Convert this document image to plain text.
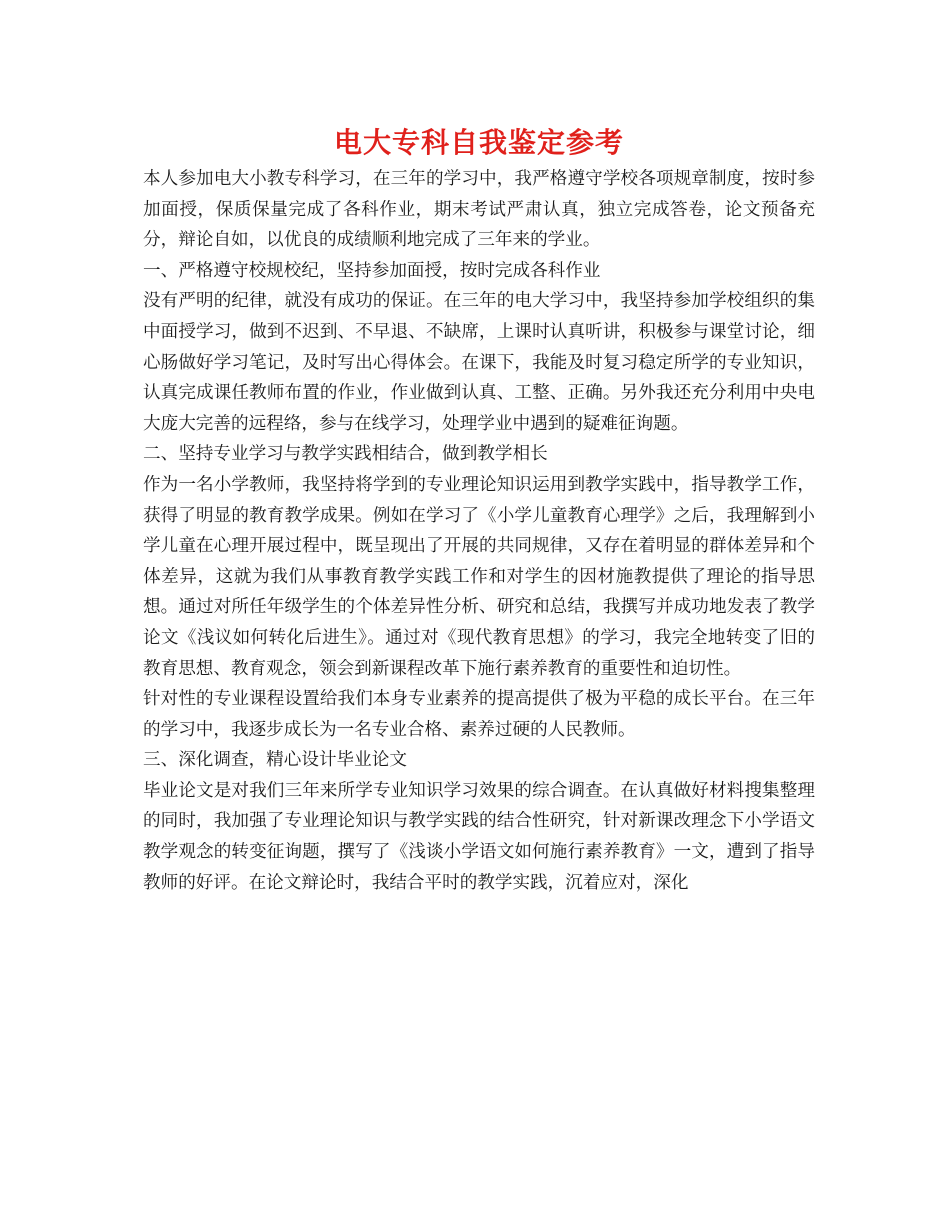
电大专科自我鉴定参考

本人参加电大小教专科学习，在三年的学习中，我严格遵守学校各项规章制度，按时参加面授，保质保量完成了各科作业，期末考试严肃认真，独立完成答卷，论文预备充分，辩论自如，以优良的成绩顺利地完成了三年来的学业。

一、严格遵守校规校纪，坚持参加面授，按时完成各科作业

没有严明的纪律，就没有成功的保证。在三年的电大学习中，我坚持参加学校组织的集中面授学习，做到不迟到、不早退、不缺席，上课时认真听讲，积极参与课堂讨论，细心肠做好学习笔记，及时写出心得体会。在课下，我能及时复习稳定所学的专业知识，认真完成课任教师布置的作业，作业做到认真、工整、正确。另外我还充分利用中央电大庞大完善的远程络，参与在线学习，处理学业中遇到的疑难征询题。

二、坚持专业学习与教学实践相结合，做到教学相长

作为一名小学教师，我坚持将学到的专业理论知识运用到教学实践中，指导教学工作，获得了明显的教育教学成果。例如在学习了《小学儿童教育心理学》之后，我理解到小学儿童在心理开展过程中，既呈现出了开展的共同规律，又存在着明显的群体差异和个体差异，这就为我们从事教育教学实践工作和对学生的因材施教提供了理论的指导思想。通过对所任年级学生的个体差异性分析、研究和总结，我撰写并成功地发表了教学论文《浅议如何转化后进生》。通过对《现代教育思想》的学习，我完全地转变了旧的教育思想、教育观念，领会到新课程改革下施行素养教育的重要性和迫切性。

针对性的专业课程设置给我们本身专业素养的提高提供了极为平稳的成长平台。在三年的学习中，我逐步成长为一名专业合格、素养过硬的人民教师。

三、深化调查，精心设计毕业论文

毕业论文是对我们三年来所学专业知识学习效果的综合调查。在认真做好材料搜集整理的同时，我加强了专业理论知识与教学实践的结合性研究，针对新课改理念下小学语文教学观念的转变征询题，撰写了《浅谈小学语文如何施行素养教育》一文，遭到了指导教师的好评。在论文辩论时，我结合平时的教学实践，沉着应对，深化
